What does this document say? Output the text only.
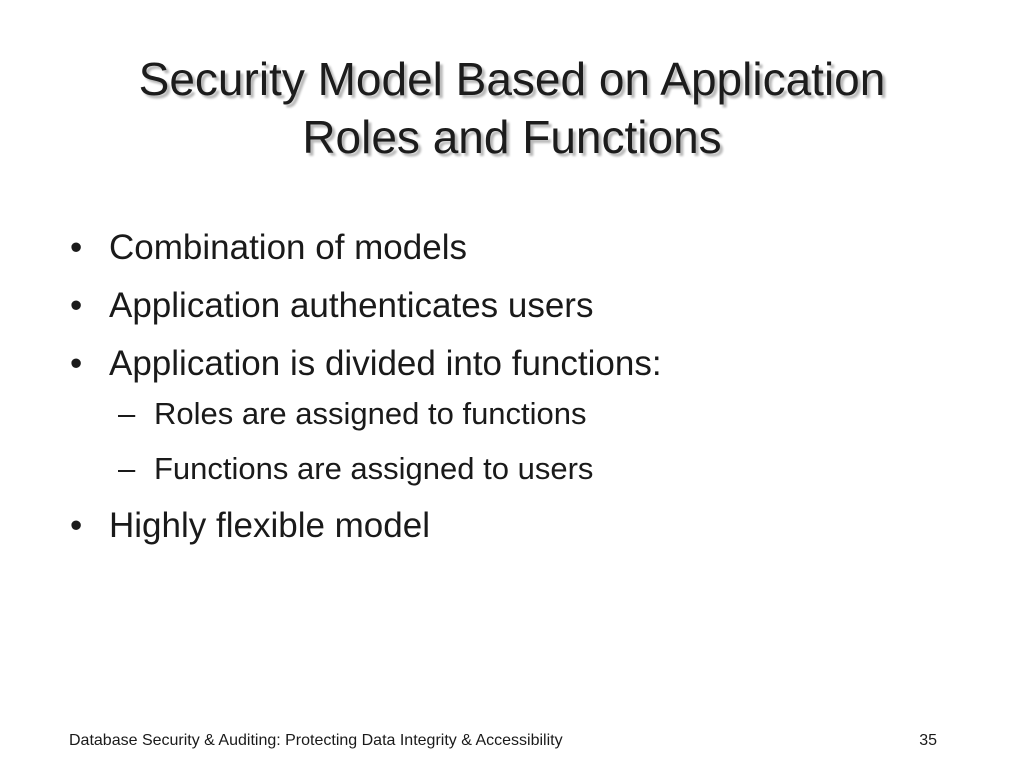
Security Model Based on Application
Roles and Functions
• Combination of models
• Application authenticates users
• Application is divided into functions:
– Roles are assigned to functions
– Functions are assigned to users
• Highly flexible model
Database Security & Auditing: Protecting Data Integrity & Accessibility	35
